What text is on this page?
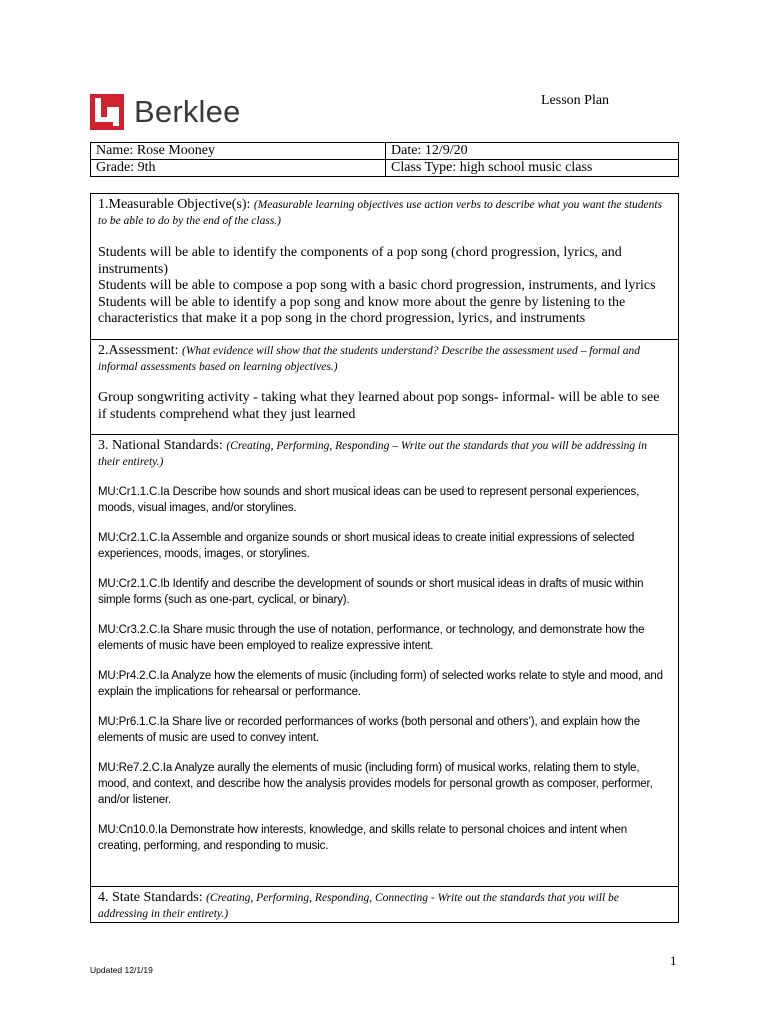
Berklee	Lesson Plan
Name: Rose Mooney	Date: 12/9/20
Grade: 9th	Class Type: high school music class
1.Measurable Objective(s): (Measurable learning objectives use action verbs to describe what you want the students to be able to do by the end of the class.)
Students will be able to identify the components of a pop song (chord progression, lyrics, and instruments)
Students will be able to compose a pop song with a basic chord progression, instruments, and lyrics
Students will be able to identify a pop song and know more about the genre by listening to the characteristics that make it a pop song in the chord progression, lyrics, and instruments
2.Assessment: (What evidence will show that the students understand? Describe the assessment used – formal and informal assessments based on learning objectives.)
Group songwriting activity - taking what they learned about pop songs- informal- will be able to see if students comprehend what they just learned
3. National Standards: (Creating, Performing, Responding – Write out the standards that you will be addressing in their entirety.)

MU:Cr1.1.C.Ia Describe how sounds and short musical ideas can be used to represent personal experiences, moods, visual images, and/or storylines.

MU:Cr2.1.C.Ia Assemble and organize sounds or short musical ideas to create initial expressions of selected experiences, moods, images, or storylines.

MU:Cr2.1.C.Ib Identify and describe the development of sounds or short musical ideas in drafts of music within simple forms (such as one-part, cyclical, or binary).

MU:Cr3.2.C.Ia Share music through the use of notation, performance, or technology, and demonstrate how the elements of music have been employed to realize expressive intent.

MU:Pr4.2.C.Ia Analyze how the elements of music (including form) of selected works relate to style and mood, and explain the implications for rehearsal or performance.

MU:Pr6.1.C.Ia Share live or recorded performances of works (both personal and others’), and explain how the elements of music are used to convey intent.

MU:Re7.2.C.Ia Analyze aurally the elements of music (including form) of musical works, relating them to style, mood, and context, and describe how the analysis provides models for personal growth as composer, performer, and/or listener.

MU:Cn10.0.Ia Demonstrate how interests, knowledge, and skills relate to personal choices and intent when creating, performing, and responding to music.

4. State Standards: (Creating, Performing, Responding, Connecting - Write out the standards that you will be addressing in their entirety.)
Updated 12/1/19
1
